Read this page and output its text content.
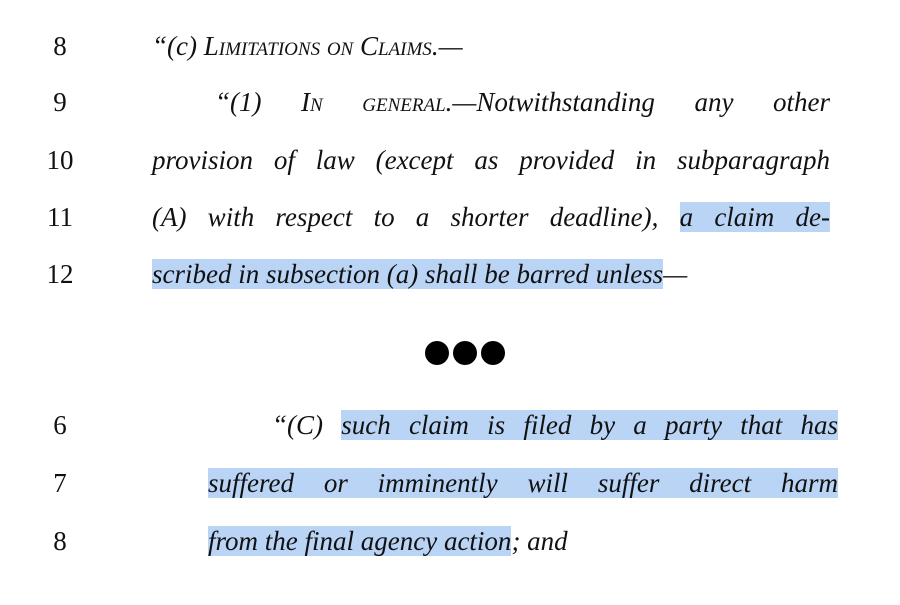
8	“(c) Limitations on Claims.—
9	“(1) In general.—Notwithstanding any other
10	provision of law (except as provided in subparagraph
11	(A) with respect to a shorter deadline), a claim de-
12	scribed in subsection (a) shall be barred unless—
6	“(C) such claim is filed by a party that has
7	suffered or imminently will suffer direct harm
8	from the final agency action; and
